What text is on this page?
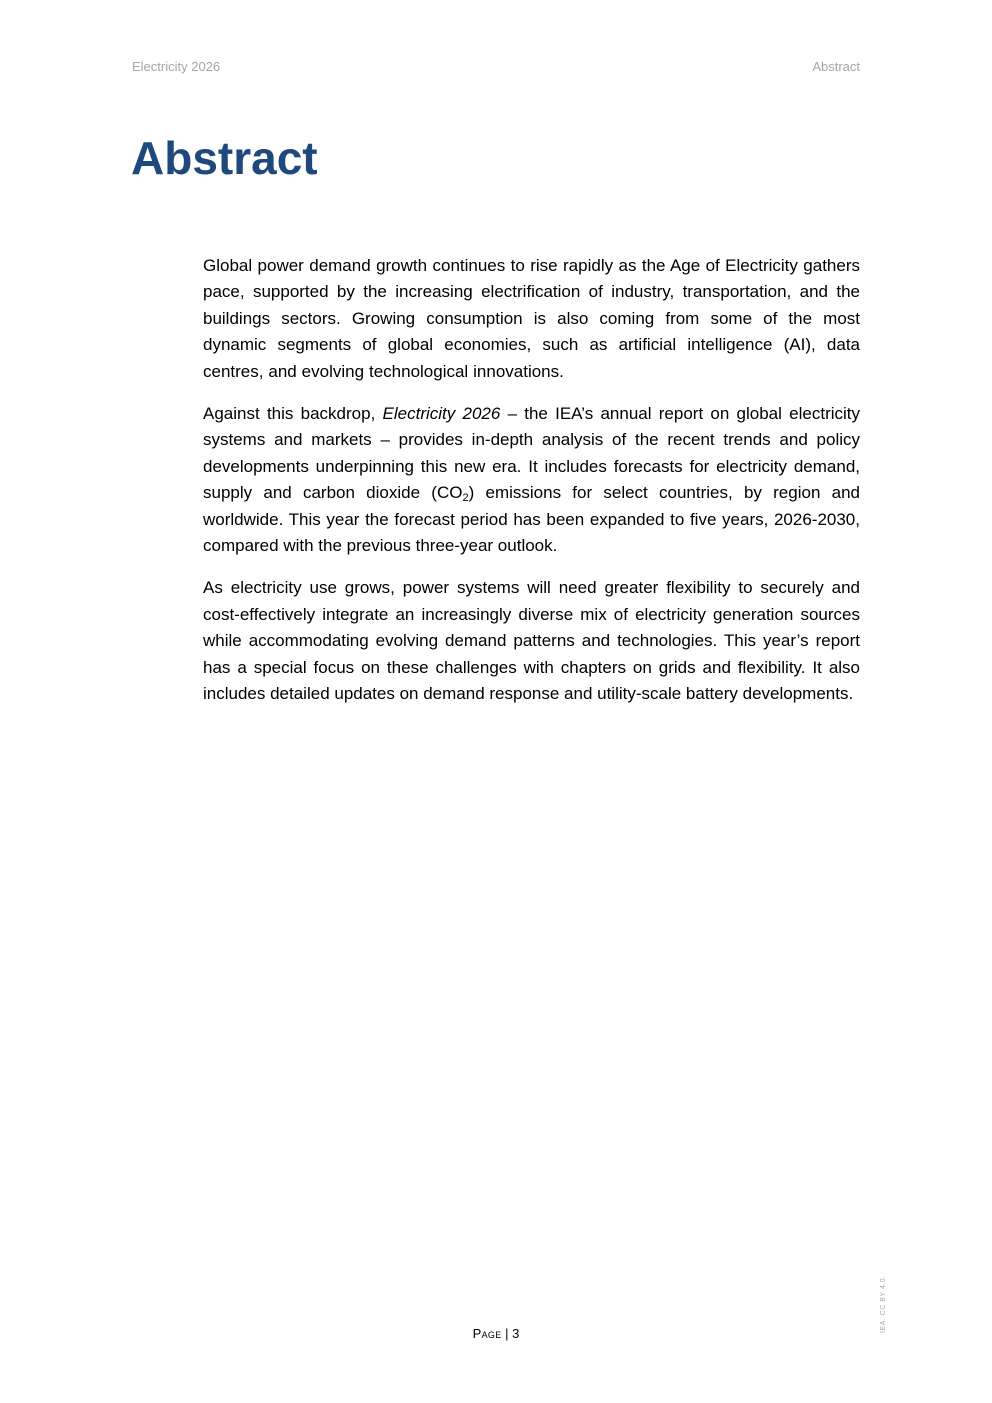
Electricity 2026	Abstract
Abstract

Global power demand growth continues to rise rapidly as the Age of Electricity gathers pace, supported by the increasing electrification of industry, transportation, and the buildings sectors. Growing consumption is also coming from some of the most dynamic segments of global economies, such as artificial intelligence (AI), data centres, and evolving technological innovations.

Against this backdrop, Electricity 2026 – the IEA’s annual report on global electricity systems and markets – provides in-depth analysis of the recent trends and policy developments underpinning this new era. It includes forecasts for electricity demand, supply and carbon dioxide $(CO_2)$ emissions for select countries, by region and worldwide. This year the forecast period has been expanded to five years, 2026-2030, compared with the previous three-year outlook.

As electricity use grows, power systems will need greater flexibility to securely and cost-effectively integrate an increasingly diverse mix of electricity generation sources while accommodating evolving demand patterns and technologies. This year’s report has a special focus on these challenges with chapters on grids and flexibility. It also includes detailed updates on demand response and utility-scale battery developments.

Page | 3
IEA. CC BY 4.0.
